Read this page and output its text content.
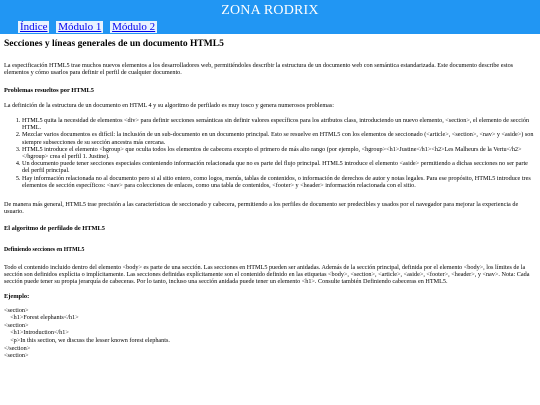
ZONA RODRIX
Índice Módulo 1 Módulo 2
Secciones y líneas generales de un documento HTML5

La especificación HTML5 trae muchos nuevos elementos a los desarrolladores web, permitiéndoles describir la estructura de un documento web con semántica estandarizada. Este documento describe estos elementos y cómo usarlos para definir el perfil de cualquier documento.

Problemas resueltos por HTML5

La definición de la estructura de un documento en HTML 4 y su algoritmo de perfilado es muy tosco y genera numerosos problemas:

1. HTML5 quita la necesidad de elementos <div> para definir secciones semánticas sin definir valores específicos para los atributos class, introduciendo un nuevo elemento, <section>, el elemento de sección HTML.
2. Mezclar varios documentos es difícil: la inclusión de un sub-documento en un documento principal. Esto se resuelve en HTML5 con los elementos de seccionado (<article>, <section>, <nav> y <aside>) son siempre subsecciones de su sección ancestra más cercana.
3. HTML5 introduce el elemento <hgroup> que oculta todos los elementos de cabecera excepto el primero de más alto rango (por ejemplo, <hgroup><h1>Justine</h1><h2>Les Malheurs de la Vertu</h2></hgroup> crea el perfil 1. Justine).
4. Un documento puede tener secciones especiales conteniendo información relacionada que no es parte del flujo principal. HTML5 introduce el elemento <aside> permitiendo a dichas secciones no ser parte del perfil principal.
5. Hay información relacionada no al documento pero si al sitio entero, como logos, menús, tablas de contenidos, o información de derechos de autor y notas legales. Para ese propósito, HTML5 introduce tres elementos de sección específicos: <nav> para colecciones de enlaces, como una tabla de contenidos, <footer> y <header> información relacionada con el sitio.

De manera más general, HTML5 trae precisión a las características de seccionado y cabecera, permitiendo a los perfiles de documento ser predecibles y usados por el navegador para mejorar la experiencia de usuario.

El algoritmo de perfilado de HTML5
Definiendo secciones en HTML5

Todo el contenido incluido dentro del elemento <body> es parte de una sección. Las secciones en HTML5 pueden ser anidadas. Además de la sección principal, definida por el elemento <body>, los límites de la sección son definidos explícita o implícitamente. Las secciones definidas explícitamente son el contenido definido en las etiquetas <body>, <section>, <article>, <aside>, <footer>, <header>, y <nav>. Nota: Cada sección puede tener su propia jerarquía de cabeceras. Por lo tanto, incluso una sección anidada puede tener un elemento <h1>. Consulte también Definiendo cabeceras en HTML5.

Ejemplo:
<section>
<h1>Forest elephants</h1>
<section>
<h1>Introduction</h1>
<p>In this section, we discuss the lesser known forest elephants.
</section>
<section>
